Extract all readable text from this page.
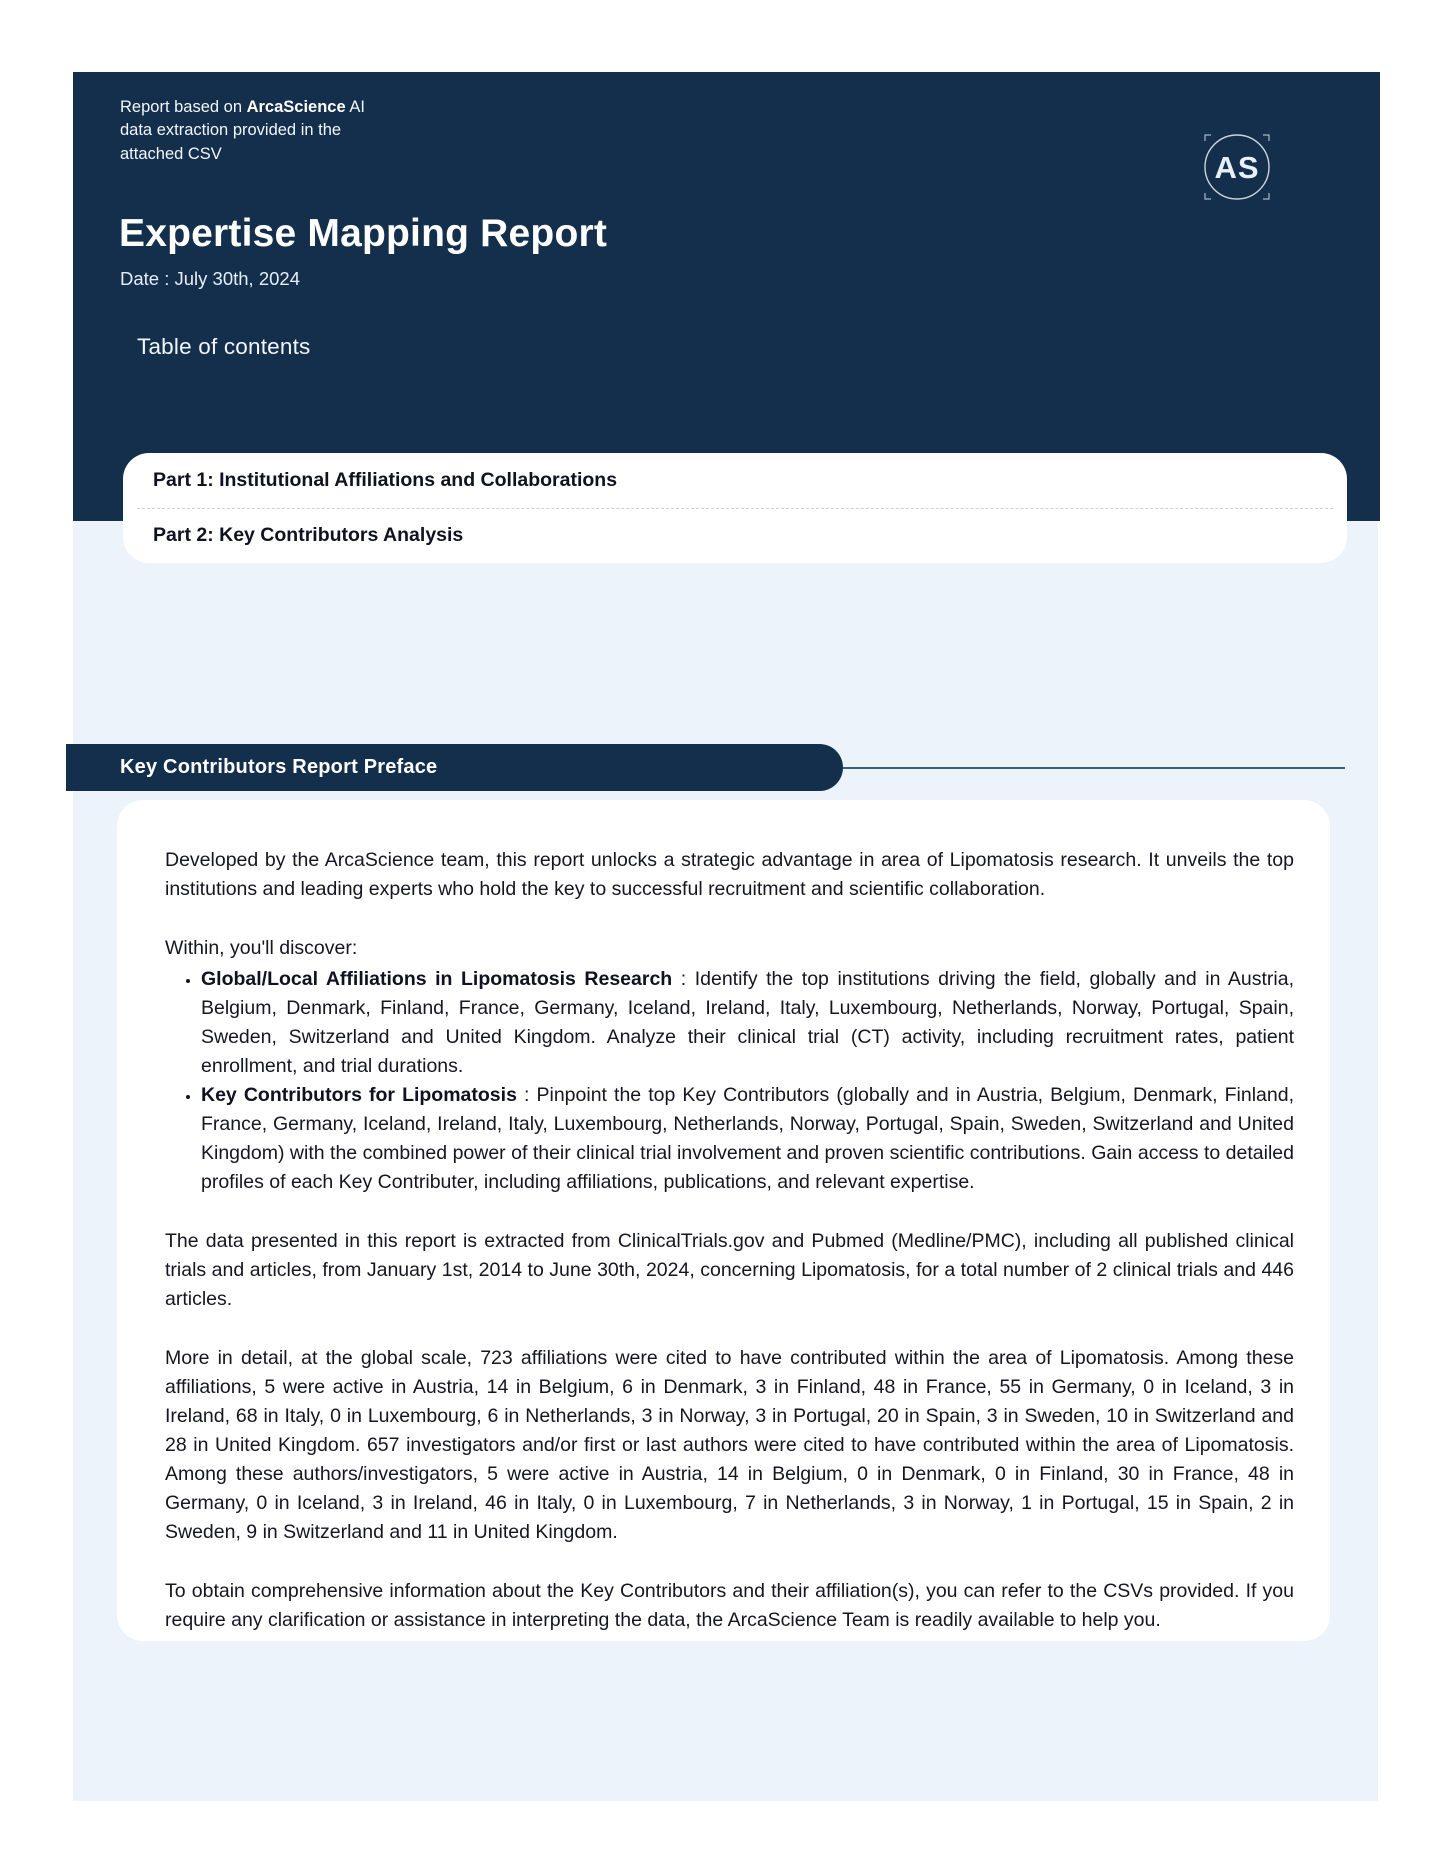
Report based on ArcaScience AI data extraction provided in the attached CSV	AS
Expertise Mapping Report
Date : July 30th, 2024
Table of contents
Part 1: Institutional Affiliations and Collaborations
Part 2: Key Contributors Analysis
Key Contributors Report Preface

Developed by the ArcaScience team, this report unlocks a strategic advantage in area of Lipomatosis research. It unveils the top institutions and leading experts who hold the key to successful recruitment and scientific collaboration.

Within, you'll discover:

• Global/Local Affiliations in Lipomatosis Research : Identify the top institutions driving the field, globally and in Austria, Belgium, Denmark, Finland, France, Germany, Iceland, Ireland, Italy, Luxembourg, Netherlands, Norway, Portugal, Spain, Sweden, Switzerland and United Kingdom. Analyze their clinical trial (CT) activity, including recruitment rates, patient enrollment, and trial durations.
• Key Contributors for Lipomatosis : Pinpoint the top Key Contributors (globally and in Austria, Belgium, Denmark, Finland, France, Germany, Iceland, Ireland, Italy, Luxembourg, Netherlands, Norway, Portugal, Spain, Sweden, Switzerland and United Kingdom) with the combined power of their clinical trial involvement and proven scientific contributions. Gain access to detailed profiles of each Key Contributer, including affiliations, publications, and relevant expertise.

The data presented in this report is extracted from ClinicalTrials.gov and Pubmed (Medline/PMC), including all published clinical trials and articles, from January 1st, 2014 to June 30th, 2024, concerning Lipomatosis, for a total number of 2 clinical trials and 446 articles.

More in detail, at the global scale, 723 affiliations were cited to have contributed within the area of Lipomatosis. Among these affiliations, 5 were active in Austria, 14 in Belgium, 6 in Denmark, 3 in Finland, 48 in France, 55 in Germany, 0 in Iceland, 3 in Ireland, 68 in Italy, 0 in Luxembourg, 6 in Netherlands, 3 in Norway, 3 in Portugal, 20 in Spain, 3 in Sweden, 10 in Switzerland and 28 in United Kingdom. 657 investigators and/or first or last authors were cited to have contributed within the area of Lipomatosis. Among these authors/investigators, 5 were active in Austria, 14 in Belgium, 0 in Denmark, 0 in Finland, 30 in France, 48 in Germany, 0 in Iceland, 3 in Ireland, 46 in Italy, 0 in Luxembourg, 7 in Netherlands, 3 in Norway, 1 in Portugal, 15 in Spain, 2 in Sweden, 9 in Switzerland and 11 in United Kingdom.

To obtain comprehensive information about the Key Contributors and their affiliation(s), you can refer to the CSVs provided. If you require any clarification or assistance in interpreting the data, the ArcaScience Team is readily available to help you.
